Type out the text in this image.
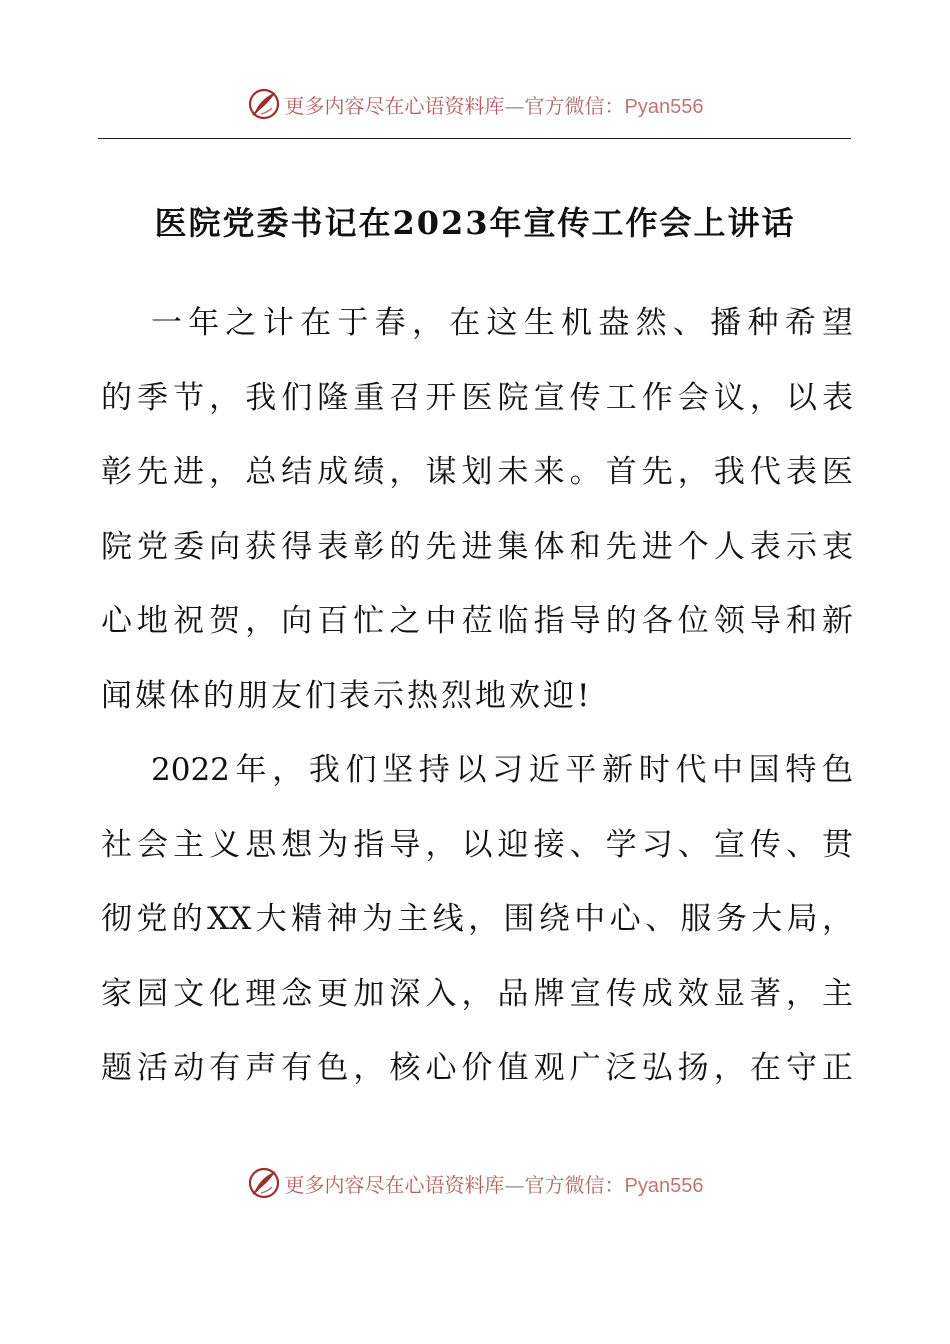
更多内容尽在心语资料库—官方微信：Pyan556
医院党委书记在2023年宣传工作会上讲话
一年之计在于春，在这生机盎然、播种希望
的季节，我们隆重召开医院宣传工作会议，以表
彰先进，总结成绩，谋划未来。首先，我代表医
院党委向获得表彰的先进集体和先进个人表示衷
心地祝贺，向百忙之中莅临指导的各位领导和新
闻媒体的朋友们表示热烈地欢迎!
2022年，我们坚持以习近平新时代中国特色
社会主义思想为指导，以迎接、学习、宣传、贯
彻党的XX大精神为主线，围绕中心、服务大局，
家园文化理念更加深入，品牌宣传成效显著，主
题活动有声有色，核心价值观广泛弘扬，在守正
更多内容尽在心语资料库—官方微信：Pyan556
